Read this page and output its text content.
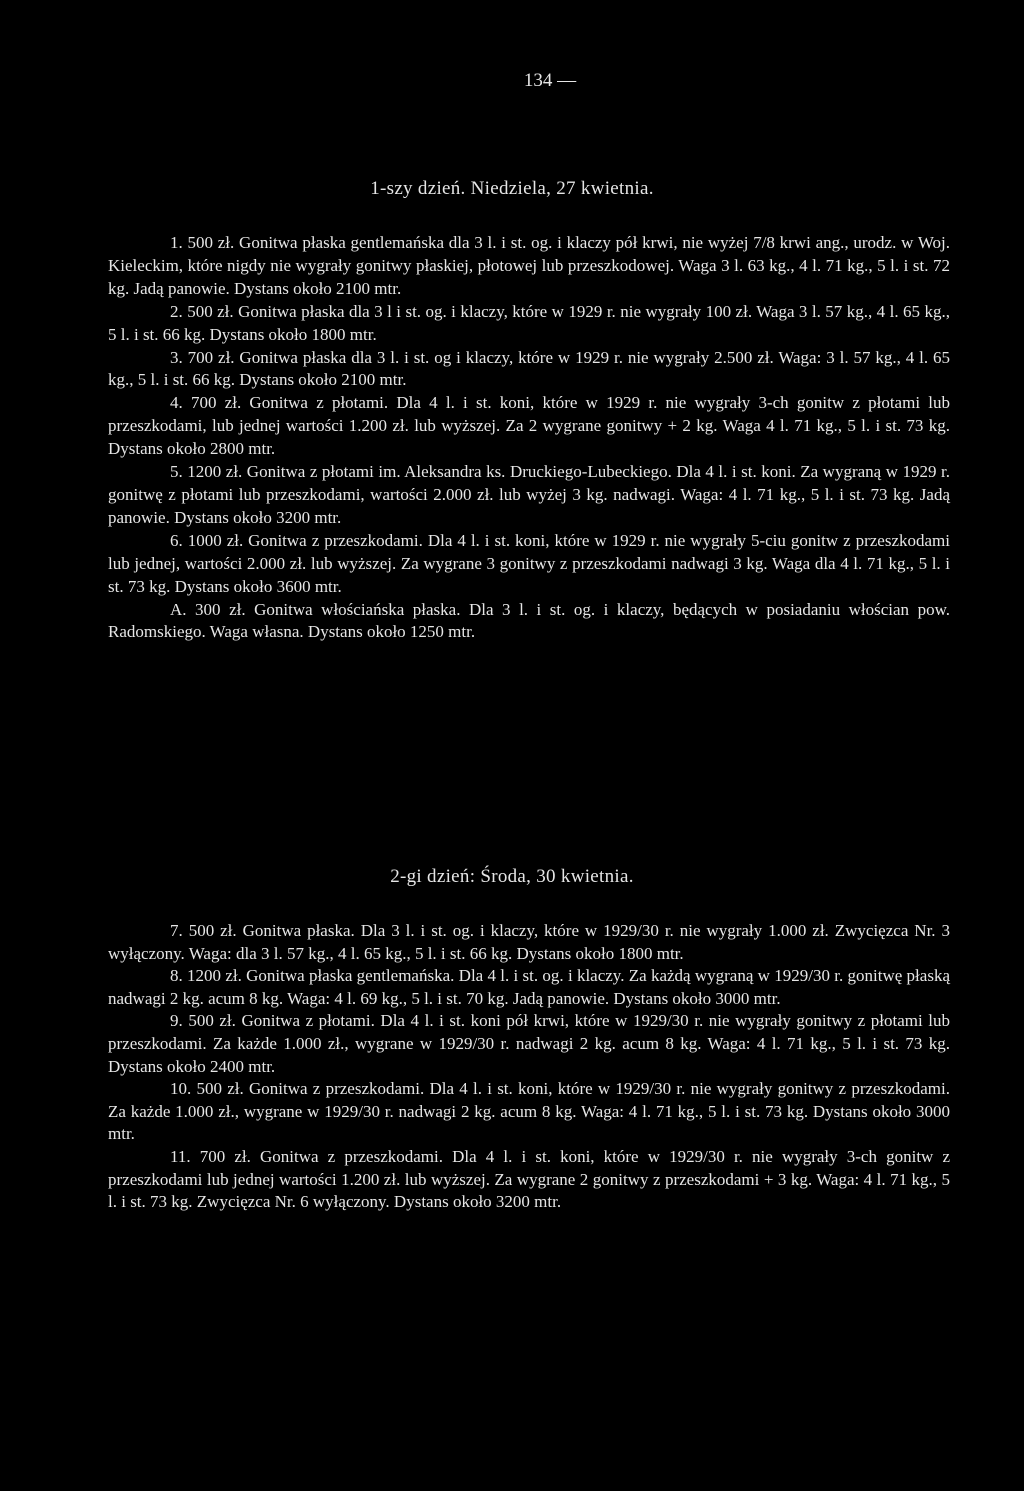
134 —
1-szy dzień. Niedziela, 27 kwietnia.

1. 500 zł. Gonitwa płaska gentlemańska dla 3 l. i st. og. i klaczy pół krwi, nie wyżej 7/8 krwi ang., urodz. w Woj. Kieleckim, które nigdy nie wygrały gonitwy płaskiej, płotowej lub przeszkodowej. Waga 3 l. 63 kg., 4 l. 71 kg., 5 l. i st. 72 kg. Jadą panowie. Dystans około 2100 mtr.

2. 500 zł. Gonitwa płaska dla 3 l i st. og. i klaczy, które w 1929 r. nie wygrały 100 zł. Waga 3 l. 57 kg., 4 l. 65 kg., 5 l. i st. 66 kg. Dystans około 1800 mtr.

3. 700 zł. Gonitwa płaska dla 3 l. i st. og i klaczy, które w 1929 r. nie wygrały 2.500 zł. Waga: 3 l. 57 kg., 4 l. 65 kg., 5 l. i st. 66 kg. Dystans około 2100 mtr.

4. 700 zł. Gonitwa z płotami. Dla 4 l. i st. koni, które w 1929 r. nie wygrały 3-ch gonitw z płotami lub przeszkodami, lub jednej wartości 1.200 zł. lub wyższej. Za 2 wygrane gonitwy + 2 kg. Waga 4 l. 71 kg., 5 l. i st. 73 kg. Dystans około 2800 mtr.

5. 1200 zł. Gonitwa z płotami im. Aleksandra ks. Druckiego-Lubeckiego. Dla 4 l. i st. koni. Za wygraną w 1929 r. gonitwę z płotami lub przeszkodami, wartości 2.000 zł. lub wyżej 3 kg. nadwagi. Waga: 4 l. 71 kg., 5 l. i st. 73 kg. Jadą panowie. Dystans około 3200 mtr.

6. 1000 zł. Gonitwa z przeszkodami. Dla 4 l. i st. koni, które w 1929 r. nie wygrały 5-ciu gonitw z przeszkodami lub jednej, wartości 2.000 zł. lub wyższej. Za wygrane 3 gonitwy z przeszkodami nadwagi 3 kg. Waga dla 4 l. 71 kg., 5 l. i st. 73 kg. Dystans około 3600 mtr.

A. 300 zł. Gonitwa włościańska płaska. Dla 3 l. i st. og. i klaczy, będących w posiadaniu włościan pow. Radomskiego. Waga własna. Dystans około 1250 mtr.

2-gi dzień: Środa, 30 kwietnia.

7. 500 zł. Gonitwa płaska. Dla 3 l. i st. og. i klaczy, które w 1929/30 r. nie wygrały 1.000 zł. Zwycięzca Nr. 3 wyłączony. Waga: dla 3 l. 57 kg., 4 l. 65 kg., 5 l. i st. 66 kg. Dystans około 1800 mtr.

8. 1200 zł. Gonitwa płaska gentlemańska. Dla 4 l. i st. og. i klaczy. Za każdą wygraną w 1929/30 r. gonitwę płaską nadwagi 2 kg. acum 8 kg. Waga: 4 l. 69 kg., 5 l. i st. 70 kg. Jadą panowie. Dystans około 3000 mtr.

9. 500 zł. Gonitwa z płotami. Dla 4 l. i st. koni pół krwi, które w 1929/30 r. nie wygrały gonitwy z płotami lub przeszkodami. Za każde 1.000 zł., wygrane w 1929/30 r. nadwagi 2 kg. acum 8 kg. Waga: 4 l. 71 kg., 5 l. i st. 73 kg. Dystans około 2400 mtr.

10. 500 zł. Gonitwa z przeszkodami. Dla 4 l. i st. koni, które w 1929/30 r. nie wygrały gonitwy z przeszkodami. Za każde 1.000 zł., wygrane w 1929/30 r. nadwagi 2 kg. acum 8 kg. Waga: 4 l. 71 kg., 5 l. i st. 73 kg. Dystans około 3000 mtr.

11. 700 zł. Gonitwa z przeszkodami. Dla 4 l. i st. koni, które w 1929/30 r. nie wygrały 3-ch gonitw z przeszkodami lub jednej wartości 1.200 zł. lub wyższej. Za wygrane 2 gonitwy z przeszkodami + 3 kg. Waga: 4 l. 71 kg., 5 l. i st. 73 kg. Zwycięzca Nr. 6 wyłączony. Dystans około 3200 mtr.
